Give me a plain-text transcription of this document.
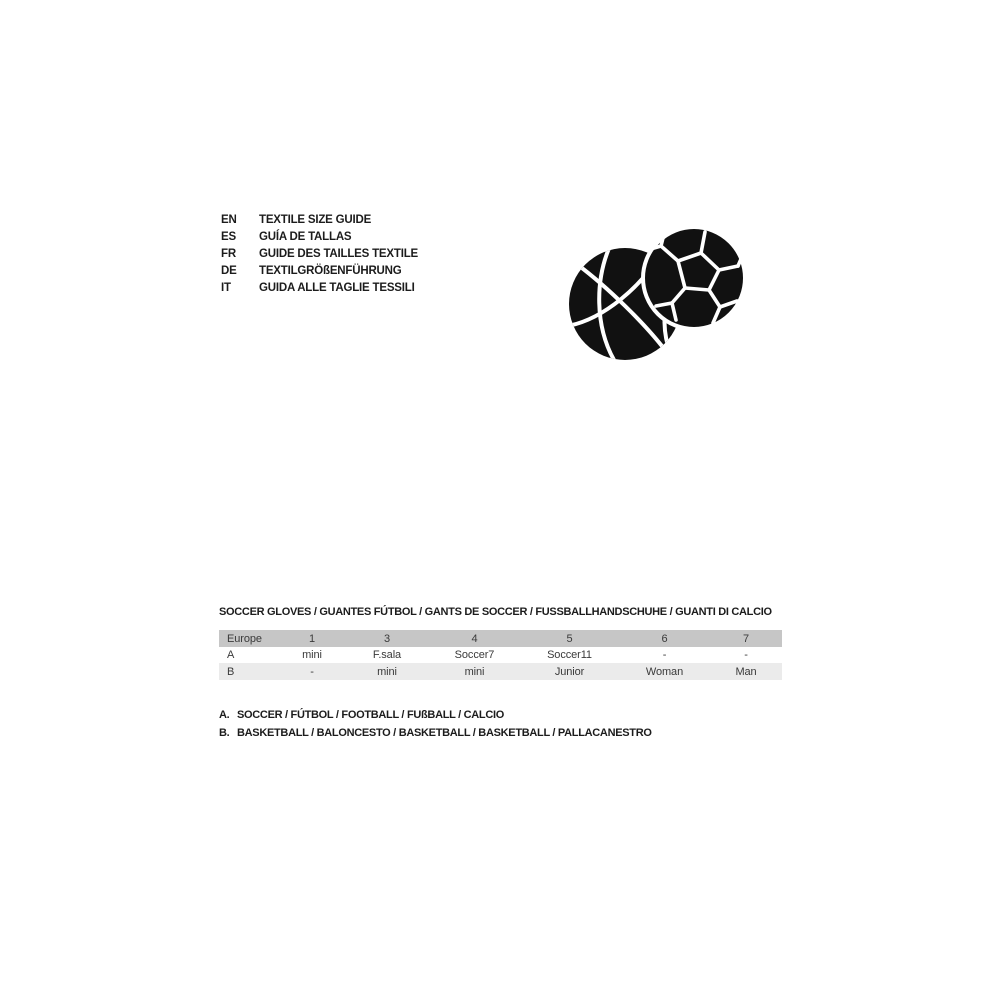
EN TEXTILE SIZE GUIDE
ES GUÍA DE TALLAS
FR GUIDE DES TAILLES TEXTILE
DE TEXTILGRÖßENFÜHRUNG
IT GUIDA ALLE TAGLIE TESSILI
SOCCER GLOVES / GUANTES FÚTBOL / GANTS DE SOCCER / FUSSBALLHANDSCHUHE / GUANTI DI CALCIO
Europe	1	3	4	5	6	7
A	mini	F.sala	Soccer7	Soccer11	-	-
B	-	mini	mini	Junior	Woman	Man
A. SOCCER / FÚTBOL / FOOTBALL / FUßBALL / CALCIO
B. BASKETBALL / BALONCESTO / BASKETBALL / BASKETBALL / PALLACANESTRO
